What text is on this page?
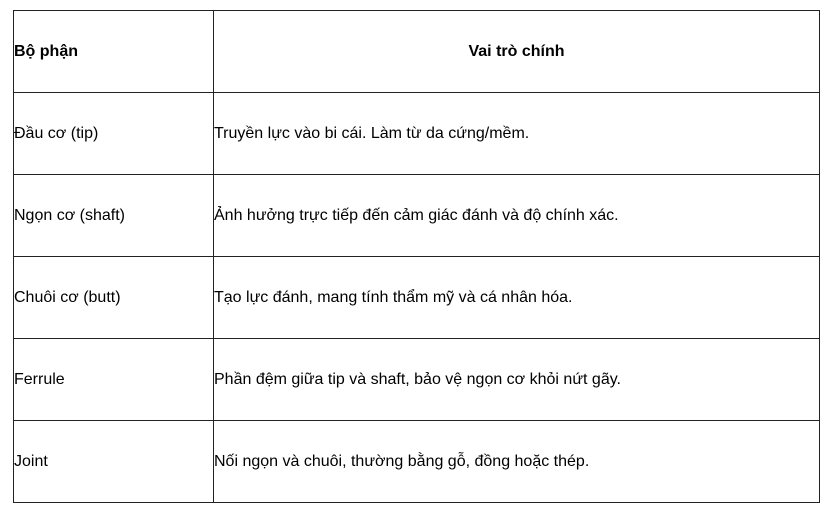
Bộ phận	Vai trò chính
Đầu cơ (tip)	Truyền lực vào bi cái. Làm từ da cứng/mềm.
Ngọn cơ (shaft)	Ảnh hưởng trực tiếp đến cảm giác đánh và độ chính xác.
Chuôi cơ (butt)	Tạo lực đánh, mang tính thẩm mỹ và cá nhân hóa.
Ferrule	Phần đệm giữa tip và shaft, bảo vệ ngọn cơ khỏi nứt gãy.
Joint	Nối ngọn và chuôi, thường bằng gỗ, đồng hoặc thép.
